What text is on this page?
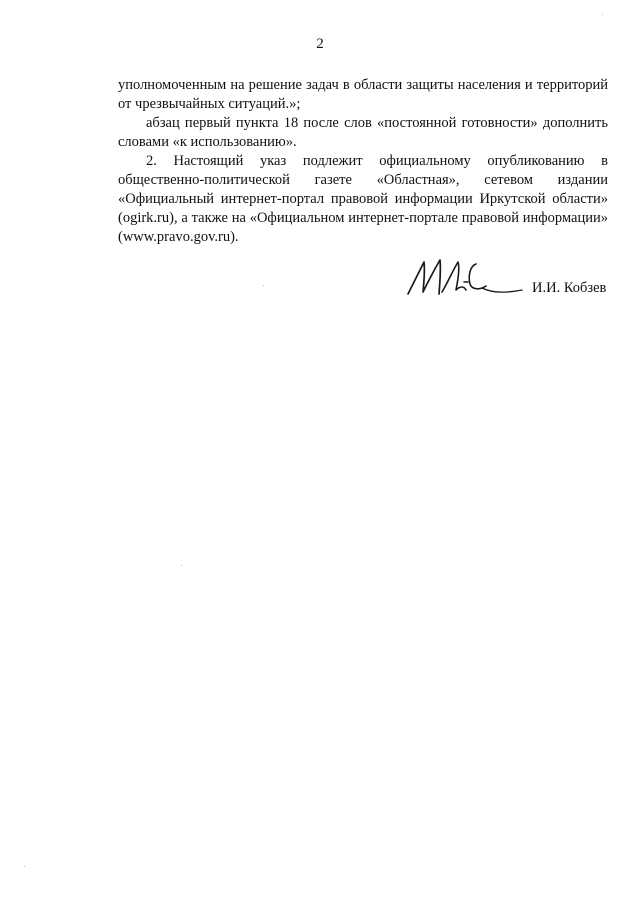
2

уполномоченным на решение задач в области защиты населения и территорий от чрезвычайных ситуаций.»;

абзац первый пункта 18 после слов «постоянной готовности» дополнить словами «к использованию».

2. Настоящий указ подлежит официальному опубликованию в общественно-политической газете «Областная», сетевом издании «Официальный интернет-портал правовой информации Иркутской области» (ogirk.ru), а также на «Официальном интернет-портале правовой информации» (www.pravo.gov.ru).

И.И. Кобзев
